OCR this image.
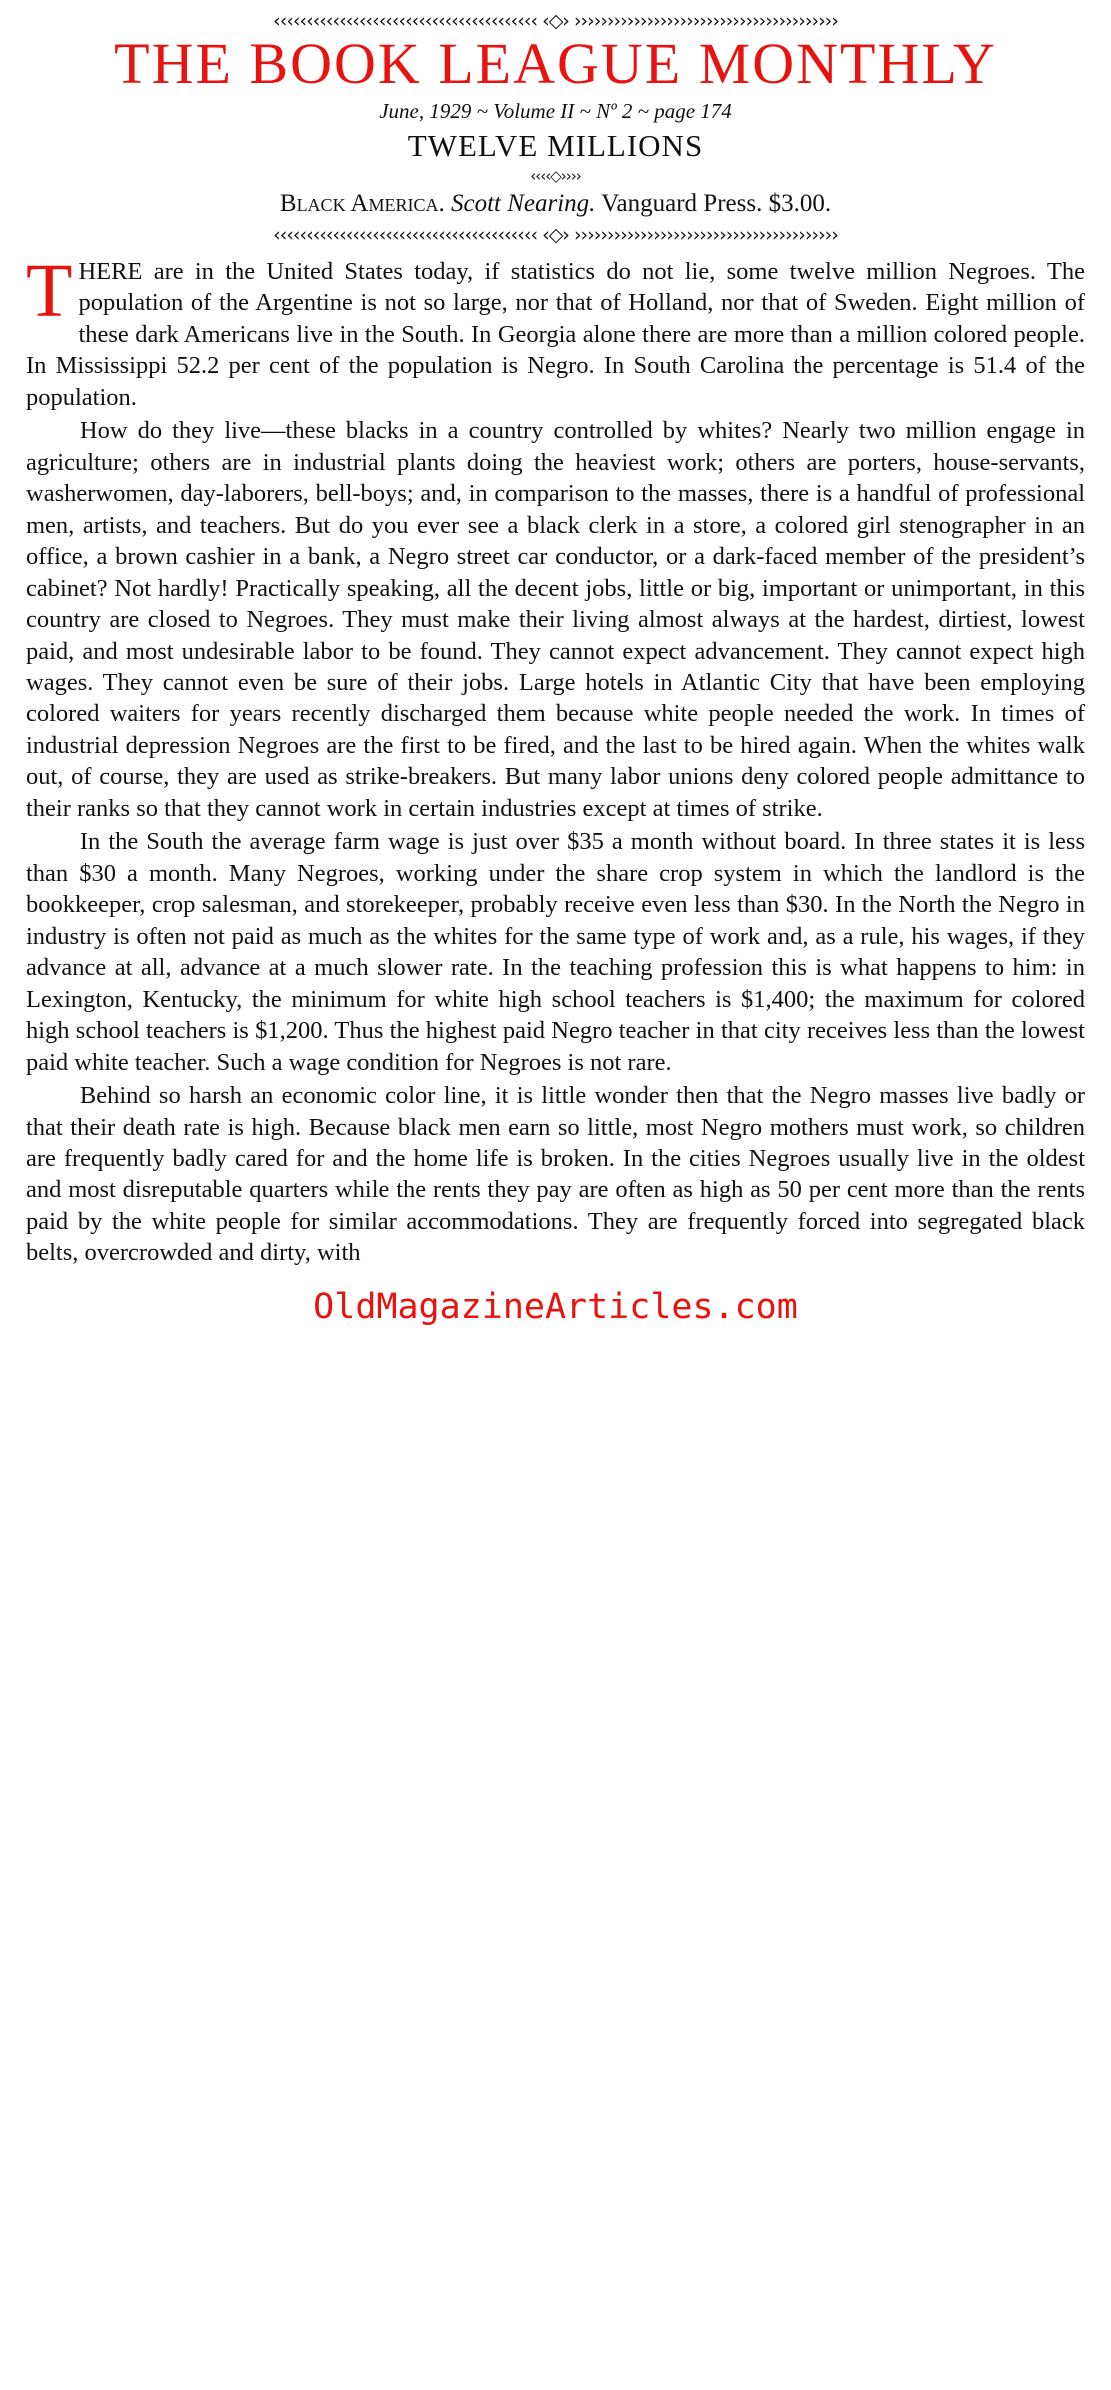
‹‹‹‹‹‹‹‹‹‹‹‹‹‹‹‹‹‹‹‹‹‹‹‹‹‹‹‹‹‹‹‹‹‹‹‹‹‹‹‹ ‹◇› ››››››››››››››››››››››››››››››››››››››››
THE BOOK LEAGUE MONTHLY
June, 1929 ~ Volume II ~ Nº 2 ~ page 174
TWELVE MILLIONS
‹‹‹‹◇››››
Black America. Scott Nearing. Vanguard Press. $3.00.
‹‹‹‹‹‹‹‹‹‹‹‹‹‹‹‹‹‹‹‹‹‹‹‹‹‹‹‹‹‹‹‹‹‹‹‹‹‹‹‹ ‹◇› ››››››››››››››››››››››››››››››››››››››››

THERE are in the United States today, if statistics do not lie, some twelve million Negroes. The population of the Argentine is not so large, nor that of Holland, nor that of Sweden. Eight million of these dark Americans live in the South. In Georgia alone there are more than a million colored people. In Mississippi 52.2 per cent of the population is Negro. In South Carolina the percentage is 51.4 of the population.

How do they live—these blacks in a country controlled by whites? Nearly two million engage in agriculture; others are in industrial plants doing the heaviest work; others are porters, house-servants, washerwomen, day-laborers, bell-boys; and, in comparison to the masses, there is a handful of professional men, artists, and teachers. But do you ever see a black clerk in a store, a colored girl stenographer in an office, a brown cashier in a bank, a Negro street car conductor, or a dark-faced member of the president’s cabinet? Not hardly! Practically speaking, all the decent jobs, little or big, important or unimportant, in this country are closed to Negroes. They must make their living almost always at the hardest, dirtiest, lowest paid, and most undesirable labor to be found. They cannot expect advancement. They cannot expect high wages. They cannot even be sure of their jobs. Large hotels in Atlantic City that have been employing colored waiters for years recently discharged them because white people needed the work. In times of industrial depression Negroes are the first to be fired, and the last to be hired again. When the whites walk out, of course, they are used as strike-breakers. But many labor unions deny colored people admittance to their ranks so that they cannot work in certain industries except at times of strike.

In the South the average farm wage is just over $35 a month without board. In three states it is less than $30 a month. Many Negroes, working under the share crop system in which the landlord is the bookkeeper, crop salesman, and storekeeper, probably receive even less than $30. In the North the Negro in industry is often not paid as much as the whites for the same type of work and, as a rule, his wages, if they advance at all, advance at a much slower rate. In the teaching profession this is what happens to him: in Lexington, Kentucky, the minimum for white high school teachers is $1,400; the maximum for colored high school teachers is $1,200. Thus the highest paid Negro teacher in that city receives less than the lowest paid white teacher. Such a wage condition for Negroes is not rare.

Behind so harsh an economic color line, it is little wonder then that the Negro masses live badly or that their death rate is high. Because black men earn so little, most Negro mothers must work, so children are frequently badly cared for and the home life is broken. In the cities Negroes usually live in the oldest and most disreputable quarters while the rents they pay are often as high as 50 per cent more than the rents paid by the white people for similar accommodations. They are frequently forced into segregated black belts, overcrowded and dirty, with

OldMagazineArticles.com
